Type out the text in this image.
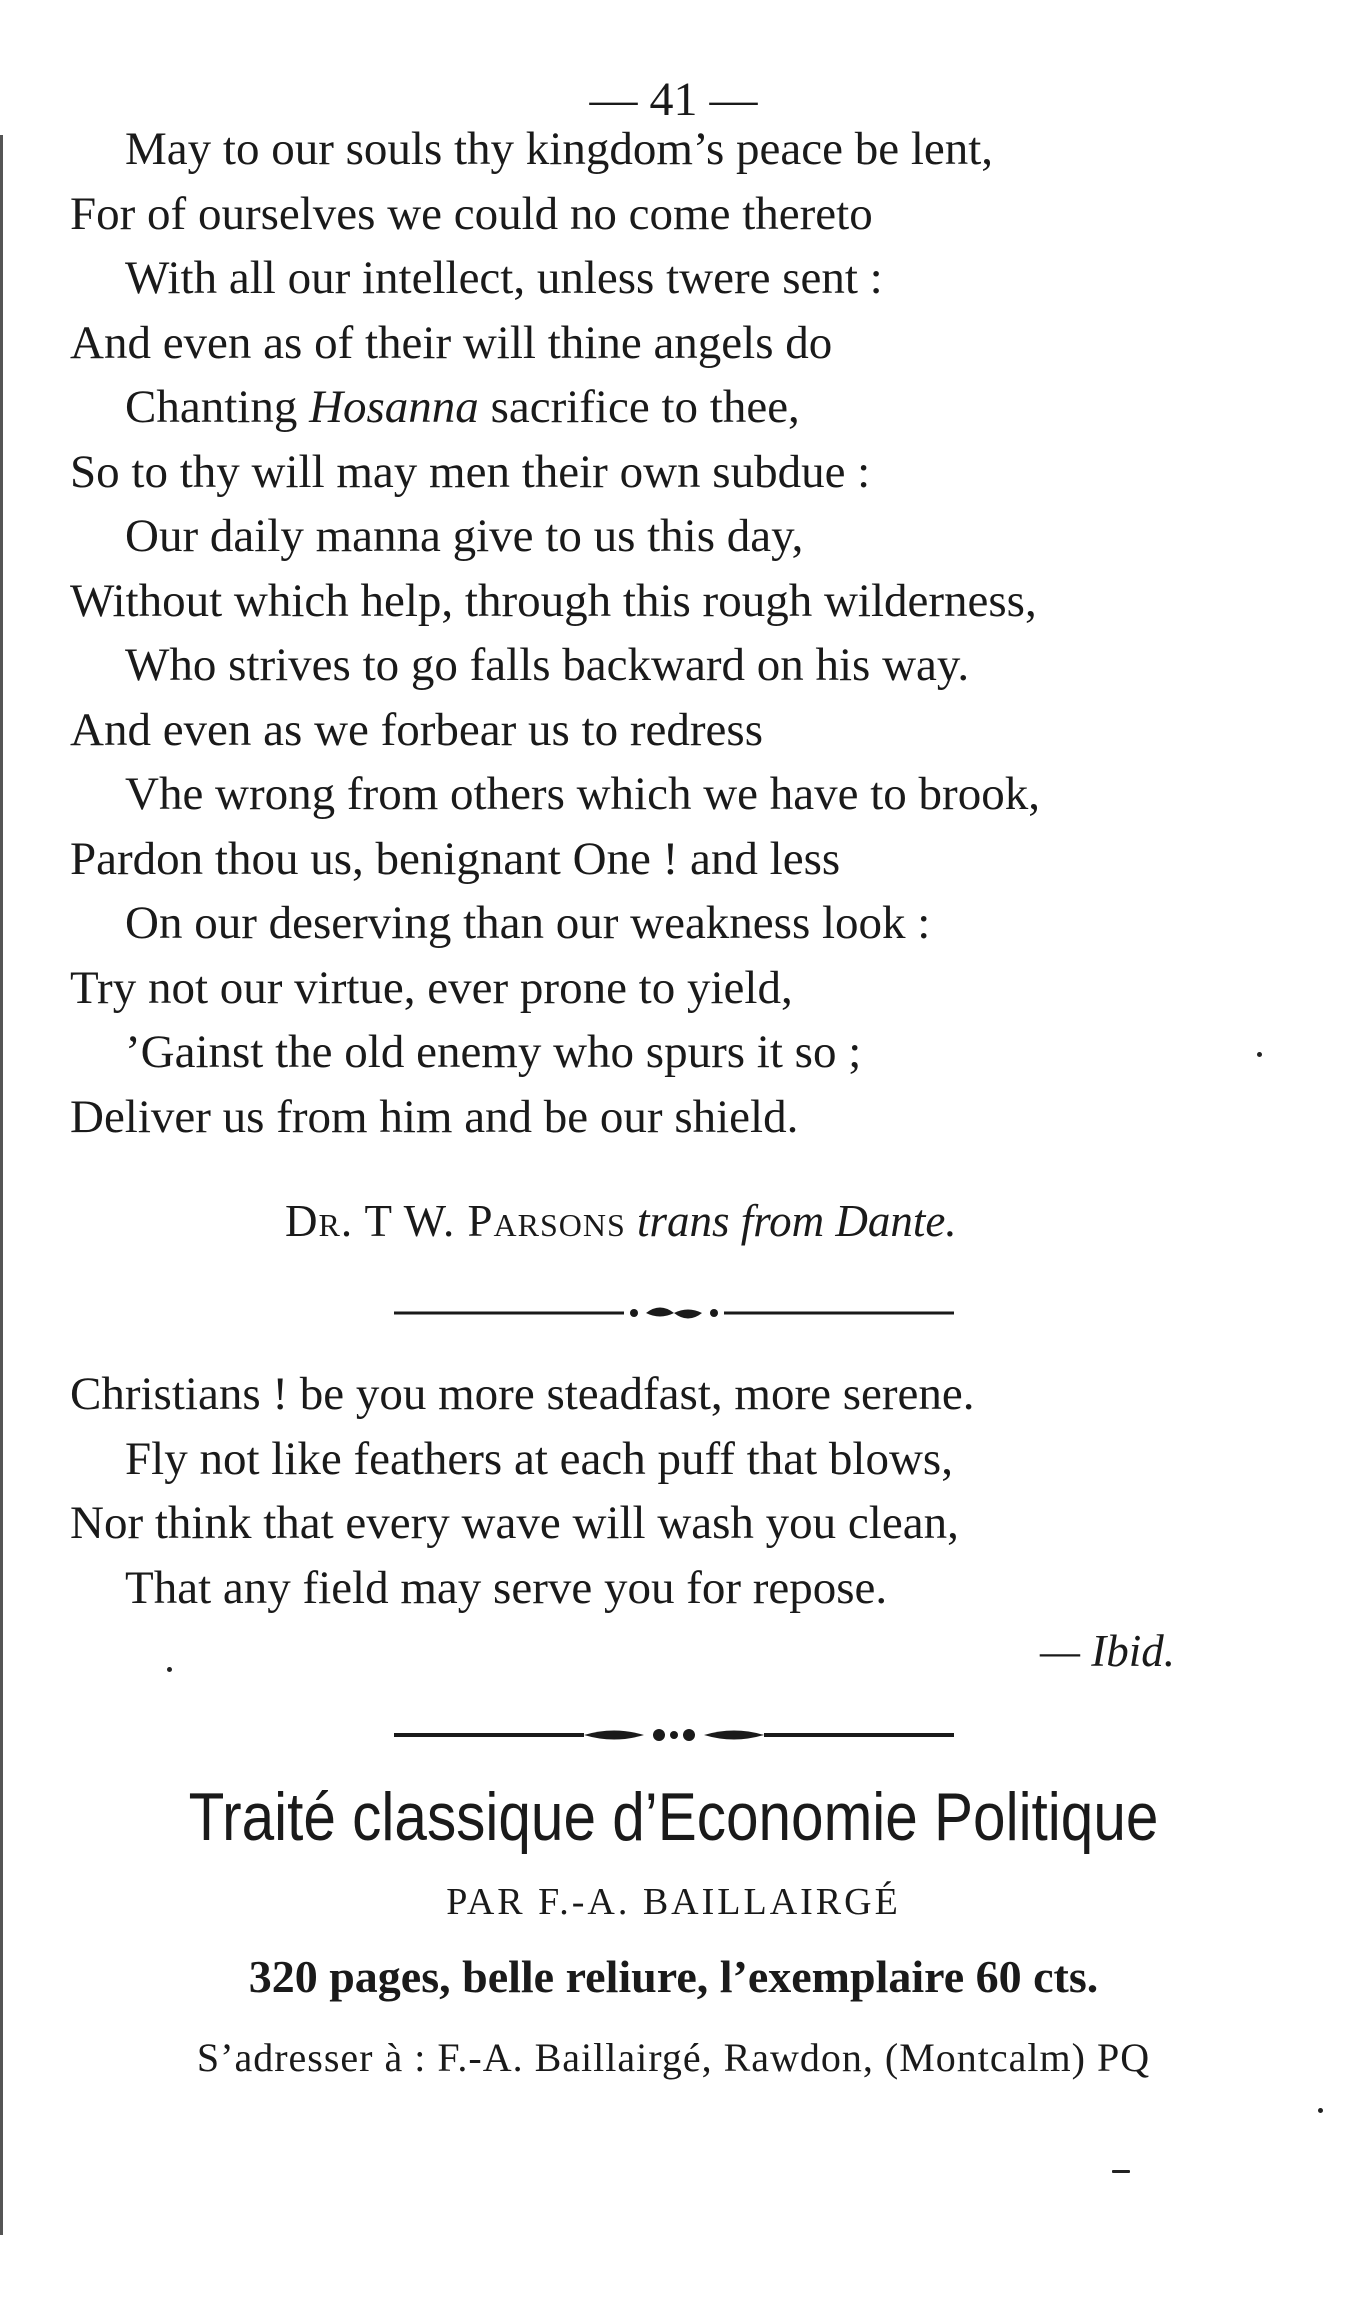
— 41 —
May to our souls thy kingdom’s peace be lent,
For of ourselves we could no come thereto
With all our intellect, unless twere sent :
And even as of their will thine angels do
Chanting Hosanna sacrifice to thee,
So to thy will may men their own subdue :
Our daily manna give to us this day,
Without which help, through this rough wilderness,
Who strives to go falls backward on his way.
And even as we forbear us to redress
Vhe wrong from others which we have to brook,
Pardon thou us, benignant One ! and less
On our deserving than our weakness look :
Try not our virtue, ever prone to yield,
’Gainst the old enemy who spurs it so ;
Deliver us from him and be our shield.
Dr. T W. Parsons trans from Dante.
Christians ! be you more steadfast, more serene.
Fly not like feathers at each puff that blows,
Nor think that every wave will wash you clean,
That any field may serve you for repose.
— Ibid.
Traité classique d’Economie Politique
PAR F.-A. BAILLAIRGÉ
320 pages, belle reliure, l’exemplaire 60 cts.
S’adresser à : F.-A. Baillairgé, Rawdon, (Montcalm) PQ
